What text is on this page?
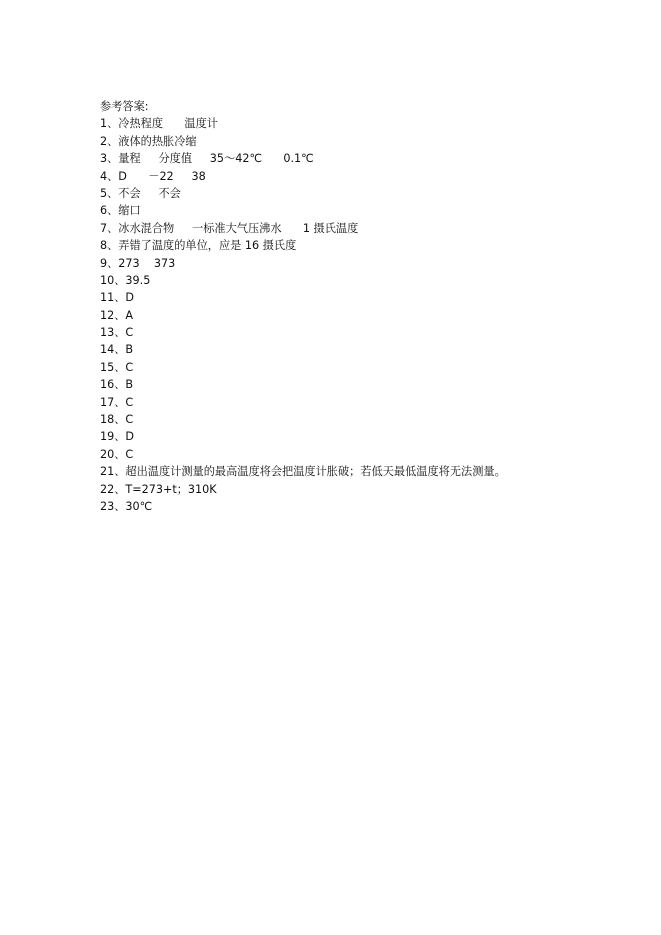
参考答案:
1、冷热程度      温度计
2、液体的热胀冷缩
3、量程     分度值     35～42℃      0.1℃
4、D      －22     38
5、不会     不会
6、缩口
7、冰水混合物     一标准大气压沸水      1 摄氏温度
8、弄错了温度的单位，应是 16 摄氏度
9、273    373
10、39.5
11、D
12、A
13、C
14、B
15、C
16、B
17、C
18、C
19、D
20、C
21、超出温度计测量的最高温度将会把温度计胀破；若低天最低温度将无法测量。
22、T=273+t；310K
23、30℃
